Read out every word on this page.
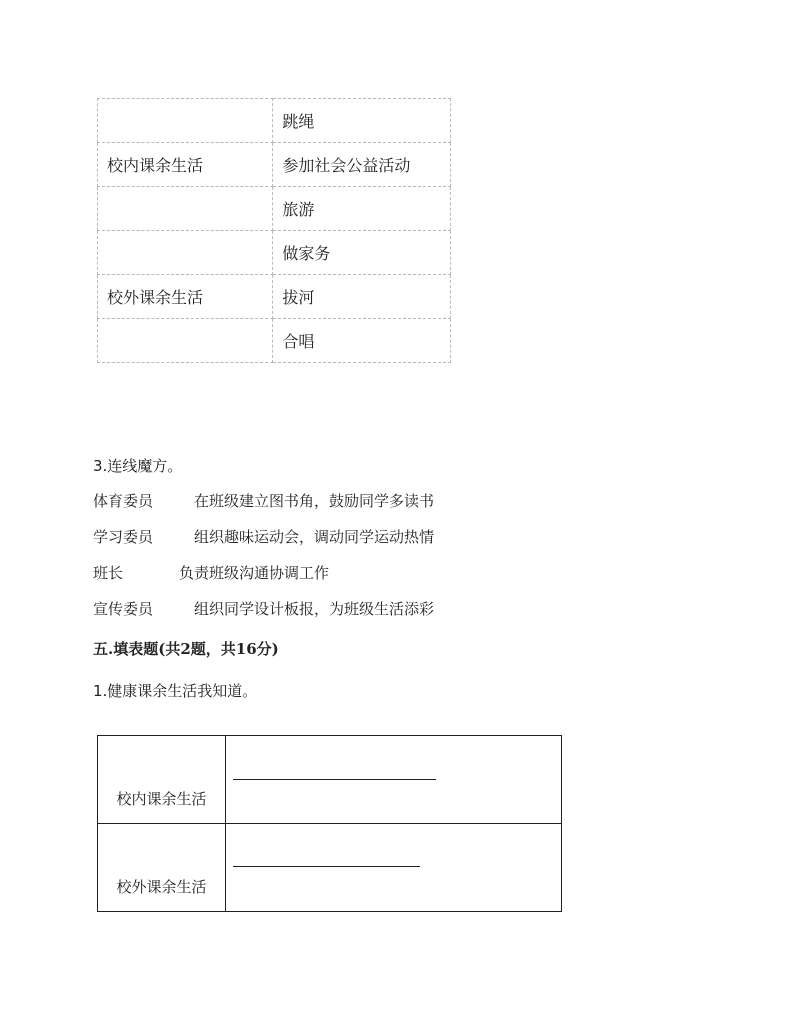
	跳绳
校内课余生活	参加社会公益活动
	旅游
	做家务
校外课余生活	拔河
	合唱
3.连线魔方。
体育委员	在班级建立图书角，鼓励同学多读书
学习委员	组织趣味运动会，调动同学运动热情
班长	负责班级沟通协调工作
宣传委员	组织同学设计板报，为班级生活添彩
五.填表题(共2题，共16分)
1.健康课余生活我知道。
校内课余生活	

校外课余生活	
